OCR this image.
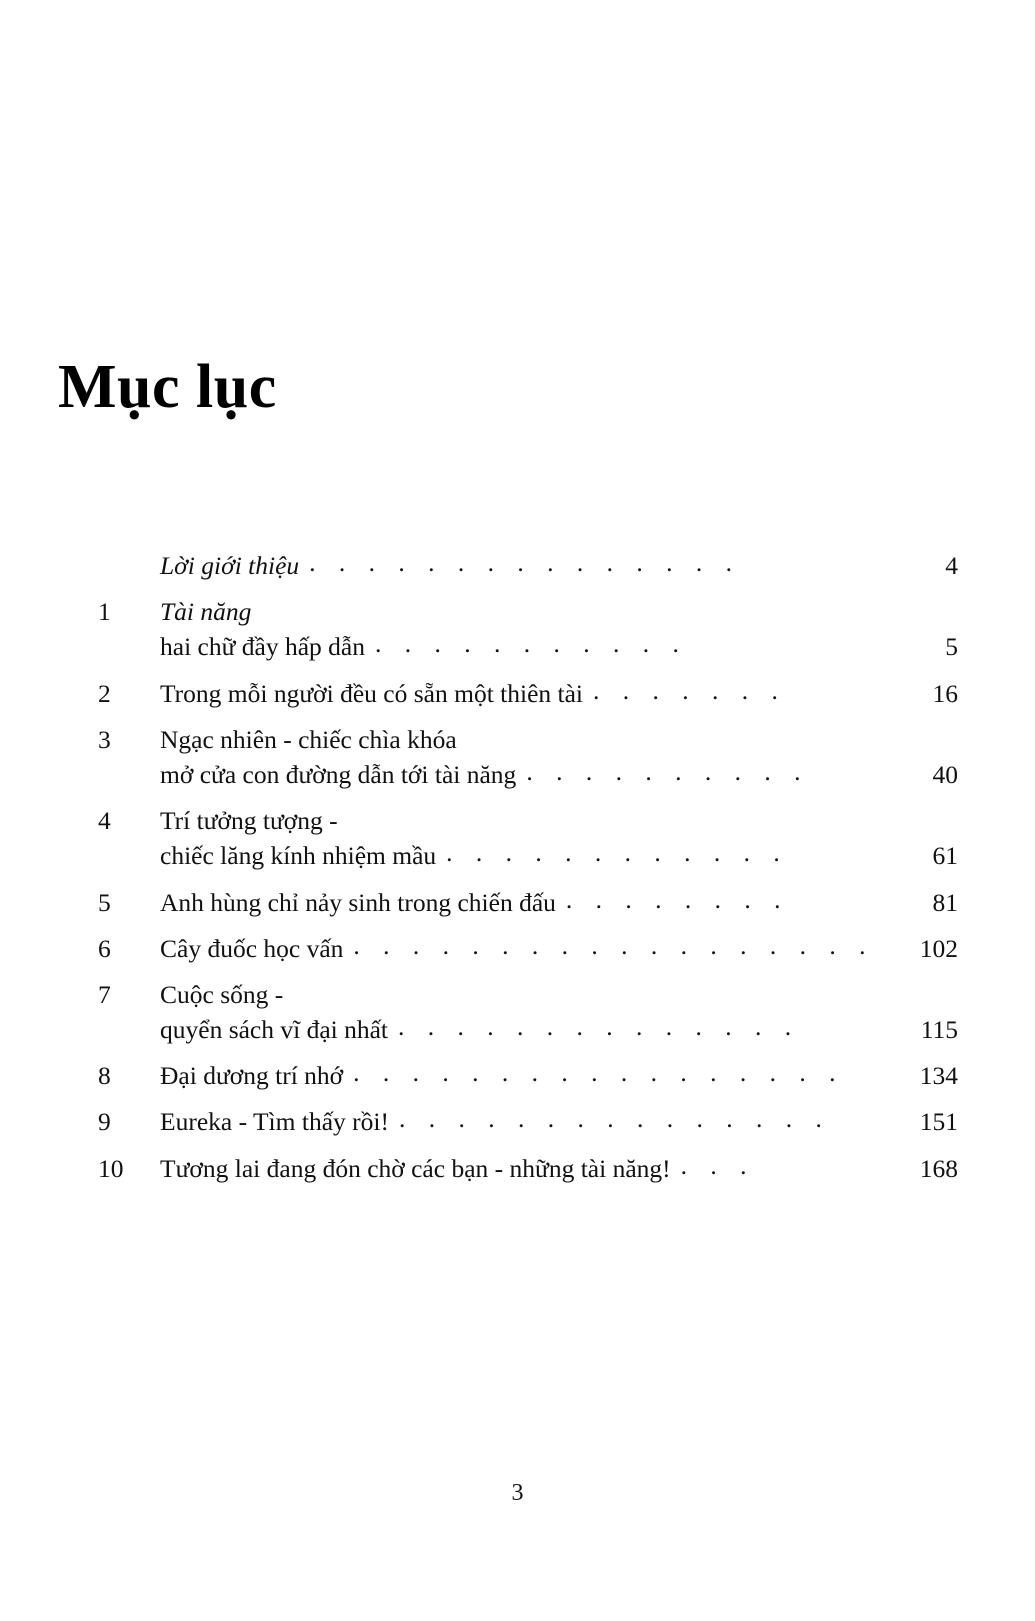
Mục lục
Lời giới thiệu . . . . . . . . . . . . . . .	4
1	Tài năng
hai chữ đầy hấp dẫn . . . . . . . . . . .	5
2	Trong mỗi người đều có sẵn một thiên tài . . . . . . .	16
3	Ngạc nhiên - chiếc chìa khóa
mở cửa con đường dẫn tới tài năng . . . . . . . . . .	40
4	Trí tưởng tượng -
chiếc lăng kính nhiệm mầu . . . . . . . . . . . .	61
5	Anh hùng chỉ nảy sinh trong chiến đấu . . . . . . . .	81
6	Cây đuốc học vấn . . . . . . . . . . . . . . . . . .	102
7	Cuộc sống -
quyển sách vĩ đại nhất . . . . . . . . . . . . . .	115
8	Đại dương trí nhớ . . . . . . . . . . . . . . . . .	134
9	Eureka - Tìm thấy rồi! . . . . . . . . . . . . . . .	151
10	Tương lai đang đón chờ các bạn - những tài năng! . . .	168
3
